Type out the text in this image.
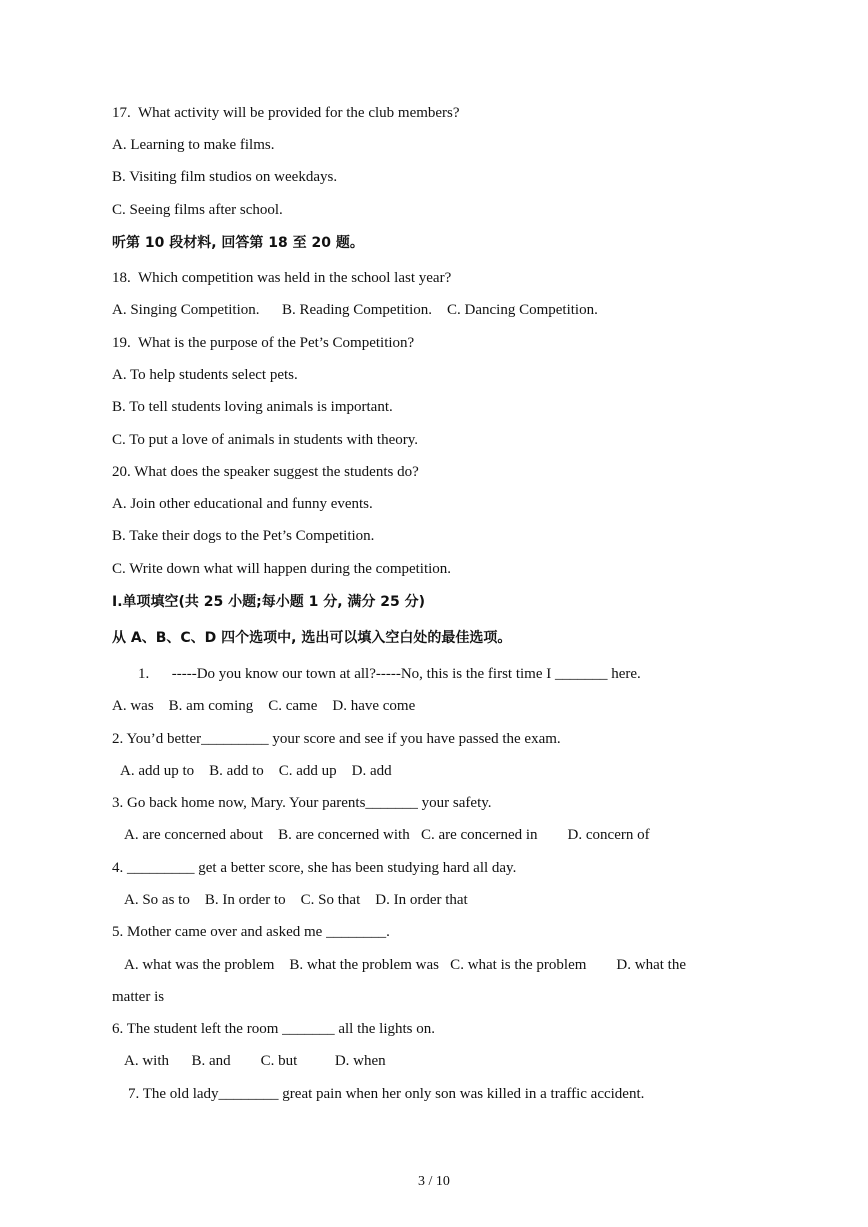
17.  What activity will be provided for the club members?
A. Learning to make films.
B. Visiting film studios on weekdays.
C. Seeing films after school.
听第 10 段材料, 回答第 18 至 20 题。
18.  Which competition was held in the school last year?
A. Singing Competition.      B. Reading Competition.    C. Dancing Competition.
19.  What is the purpose of the Pet’s Competition?
A. To help students select pets.
B. To tell students loving animals is important.
C. To put a love of animals in students with theory.
20. What does the speaker suggest the students do?
A. Join other educational and funny events.
B. Take their dogs to the Pet’s Competition.
C. Write down what will happen during the competition.
I.单项填空(共 25 小题;每小题 1 分, 满分 25 分)
从 A、B、C、D 四个选项中, 选出可以填入空白处的最佳选项。
1.      -----Do you know our town at all?-----No, this is the first time I _______ here.
A. was    B. am coming    C. came    D. have come
2. You’d better_________ your score and see if you have passed the exam.
A. add up to    B. add to    C. add up    D. add
3. Go back home now, Mary. Your parents_______ your safety.
A. are concerned about    B. are concerned with   C. are concerned in        D. concern of
4. _________ get a better score, she has been studying hard all day.
A. So as to    B. In order to    C. So that    D. In order that
5. Mother came over and asked me ________.
A. what was the problem    B. what the problem was   C. what is the problem        D. what the
matter is
6. The student left the room _______ all the lights on.
A. with      B. and        C. but          D. when
7. The old lady________ great pain when her only son was killed in a traffic accident.
3 / 10
